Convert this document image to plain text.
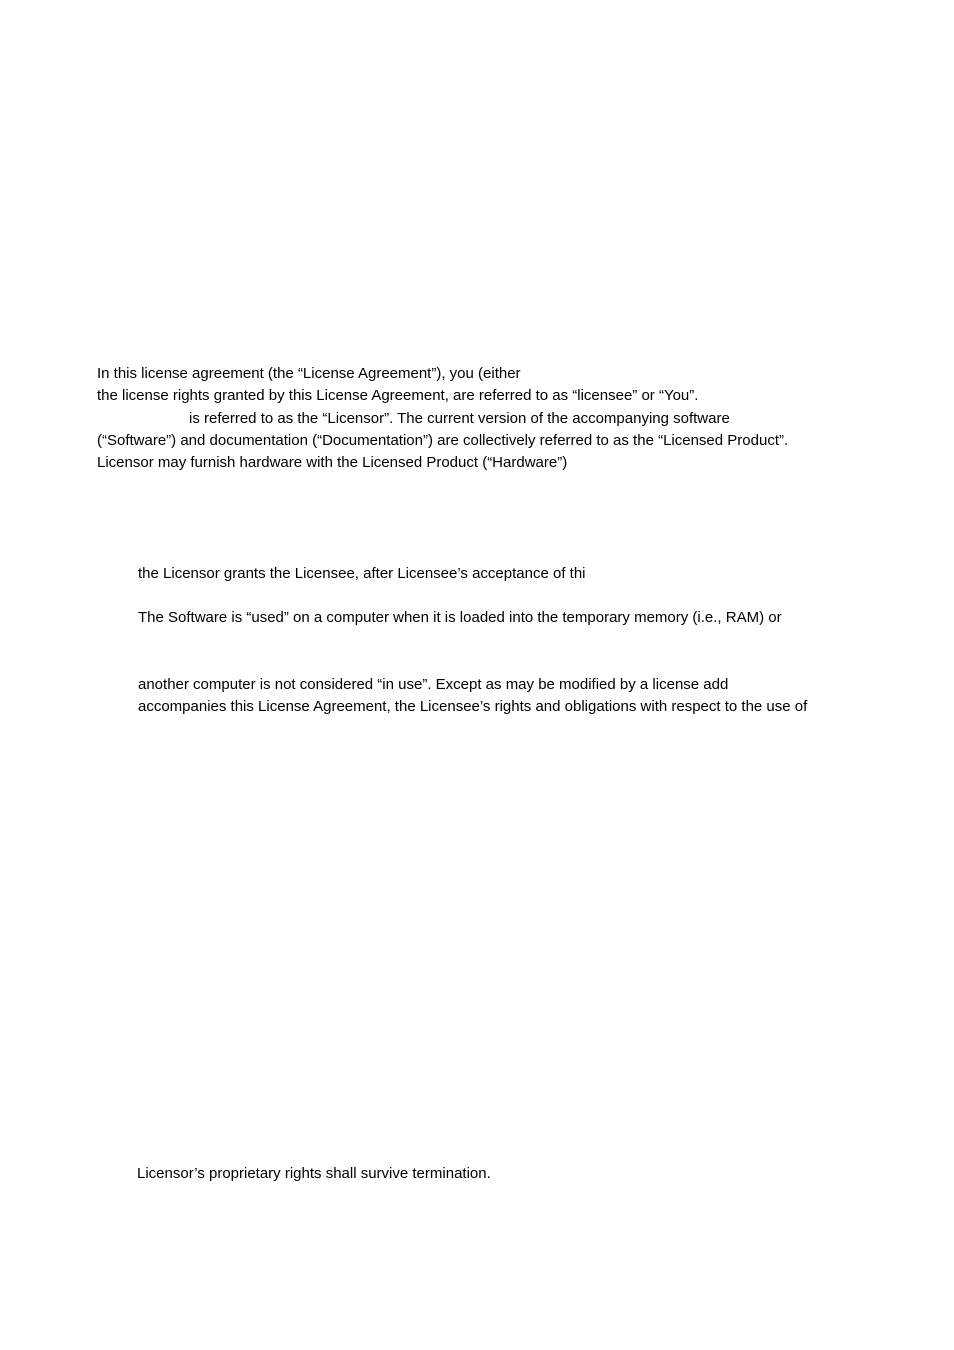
In this license agreement (the “License Agreement”), you (either
the license rights granted by this License Agreement, are referred to as “licensee” or “You”.
is referred to as the “Licensor”. The current version of the accompanying software
(“Software”) and documentation (“Documentation”) are collectively referred to as the “Licensed Product”.
Licensor may furnish hardware with the Licensed Product (“Hardware”)
the Licensor grants the Licensee, after Licensee’s acceptance of thi
The Software is “used” on a computer when it is loaded into the temporary memory (i.e., RAM) or
another computer is not considered “in use”. Except as may be modified by a license add
accompanies this License Agreement, the Licensee’s rights and obligations with respect to the use of
Licensor’s proprietary rights shall survive termination.
